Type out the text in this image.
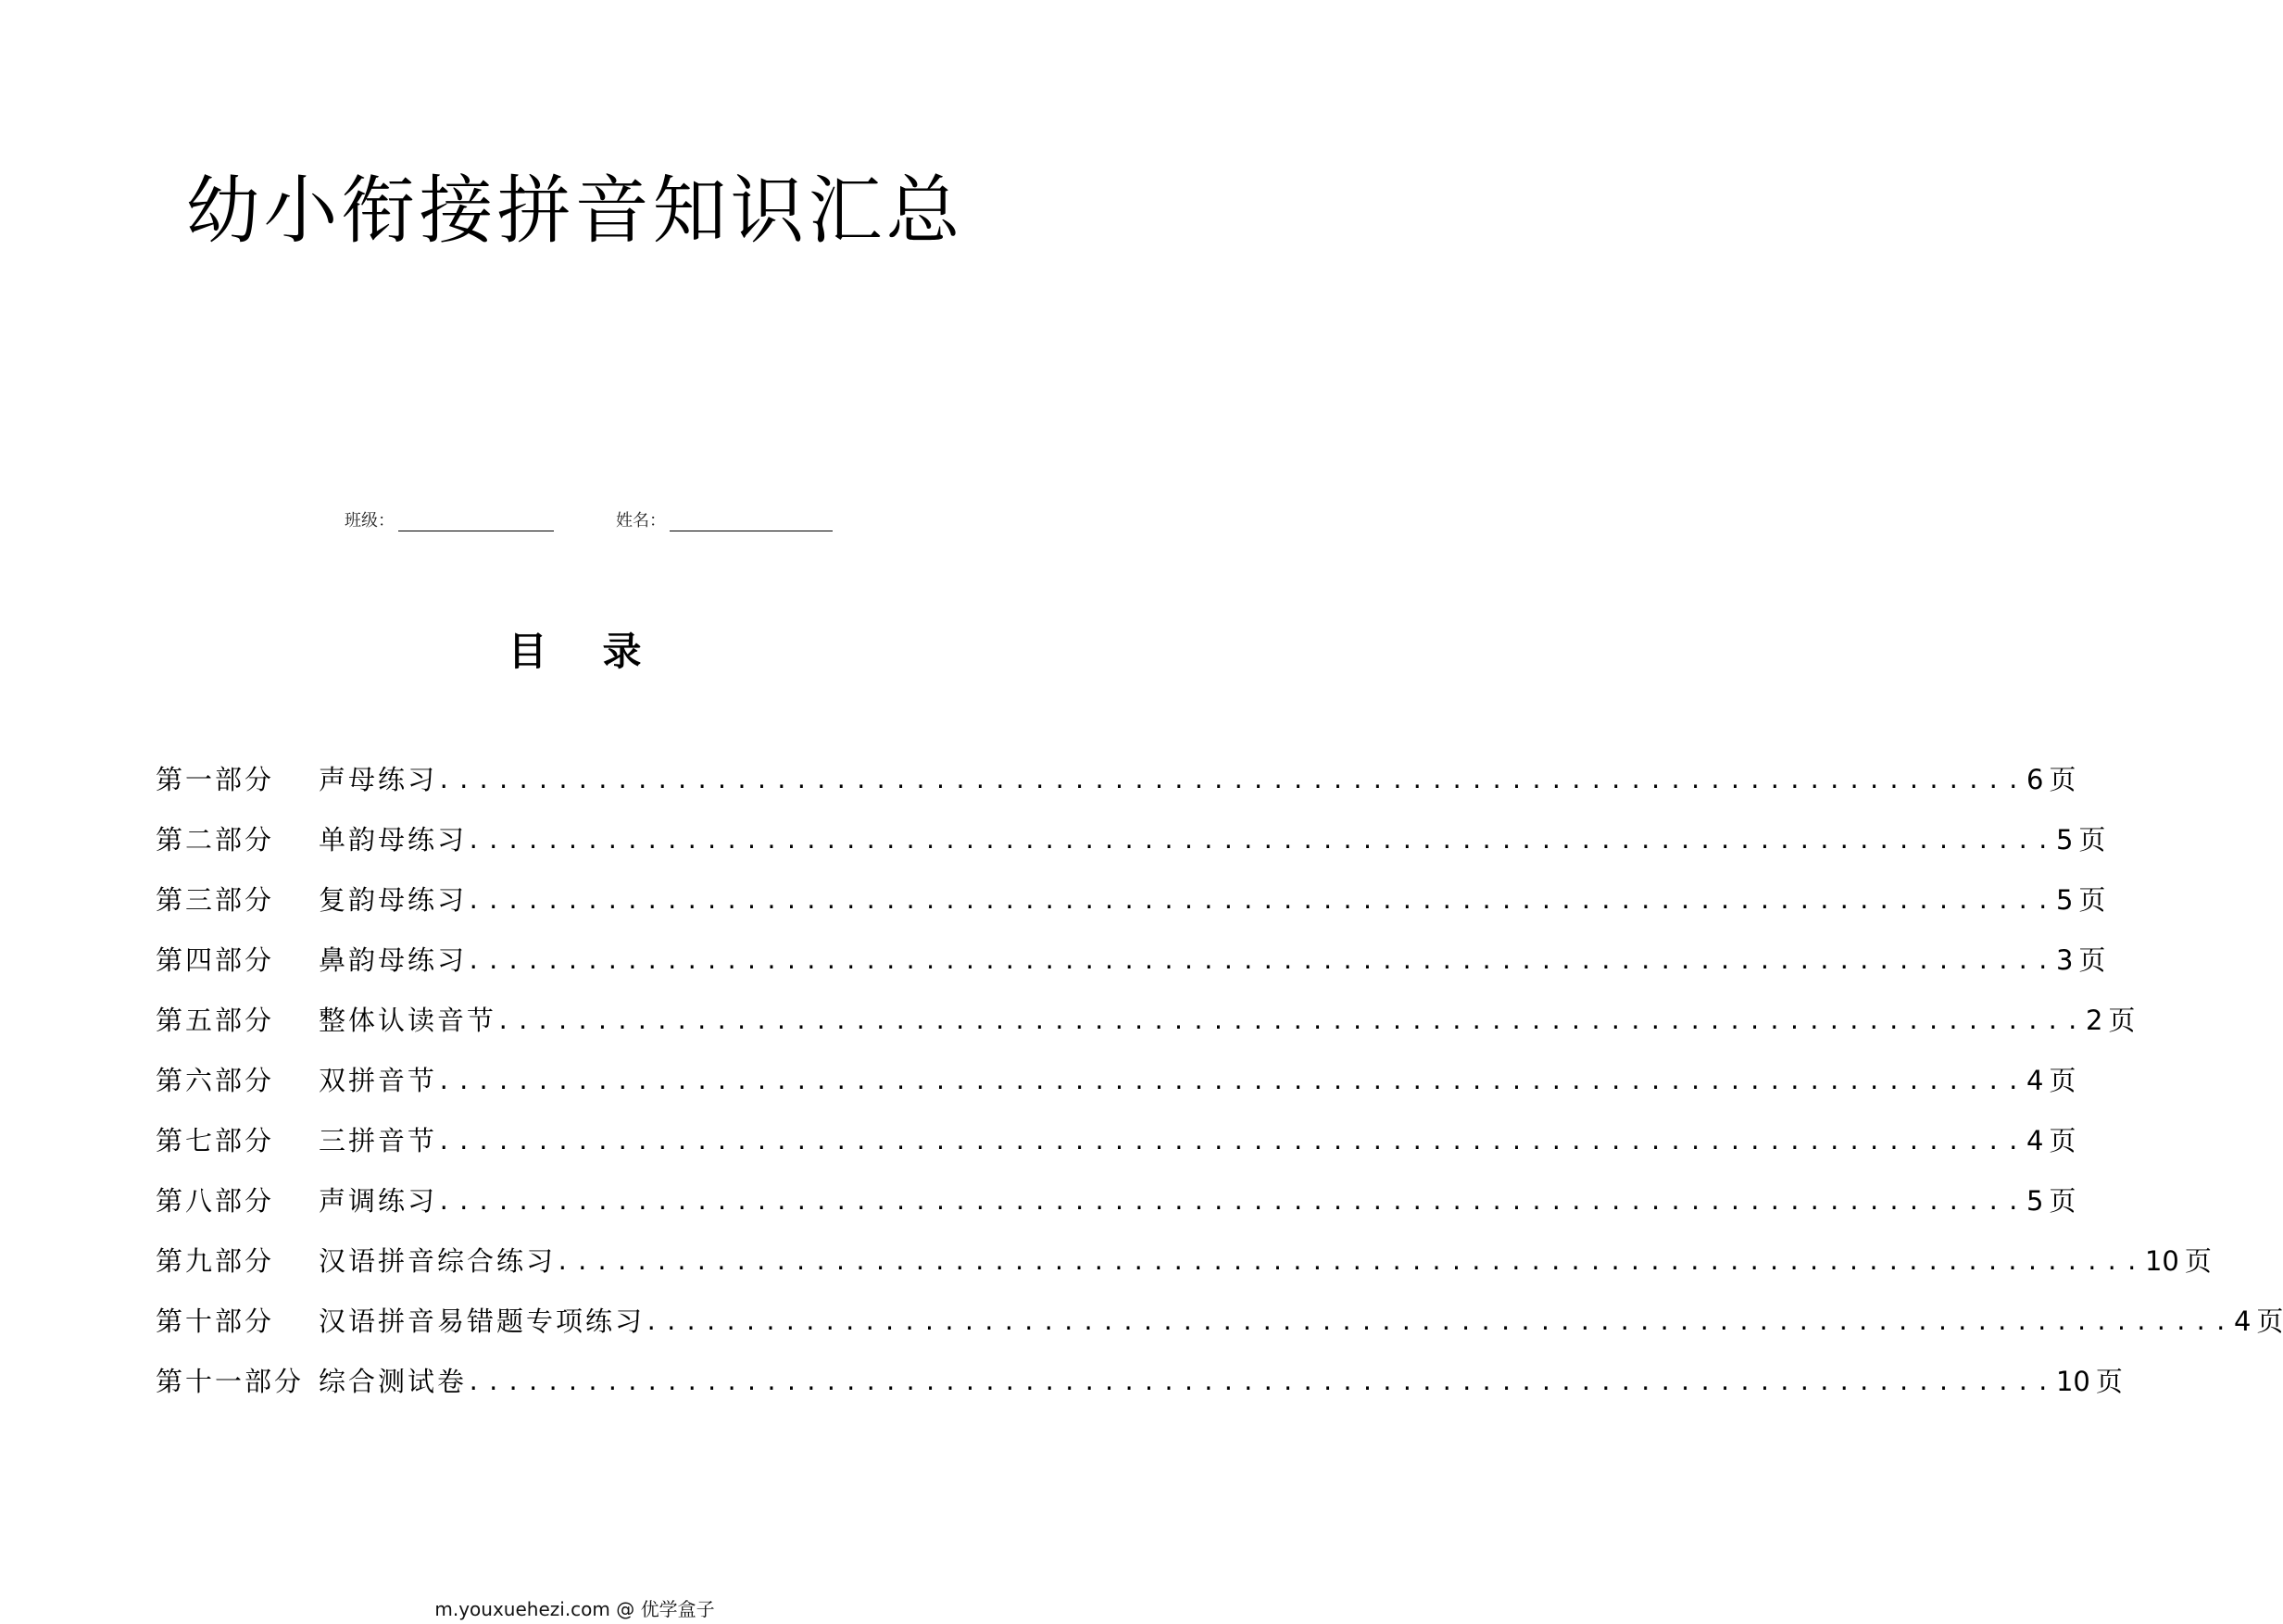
幼小衔接拼音知识汇总
班级：	姓名：
目 录
第一部分	声母练习 ................................................................................ 6 页
第二部分	单韵母练习 ................................................................................ 5 页
第三部分	复韵母练习 ................................................................................ 5 页
第四部分	鼻韵母练习 ................................................................................ 3 页
第五部分	整体认读音节 ................................................................................ 2 页
第六部分	双拼音节 ................................................................................ 4 页
第七部分	三拼音节 ................................................................................ 4 页
第八部分	声调练习 ................................................................................ 5 页
第九部分	汉语拼音综合练习 ................................................................................ 10 页
第十部分	汉语拼音易错题专项练习 ................................................................................ 4 页
第十一部分 综合测试卷 ................................................................................ 10 页
m.youxuehezi.com @ 优学盒子
